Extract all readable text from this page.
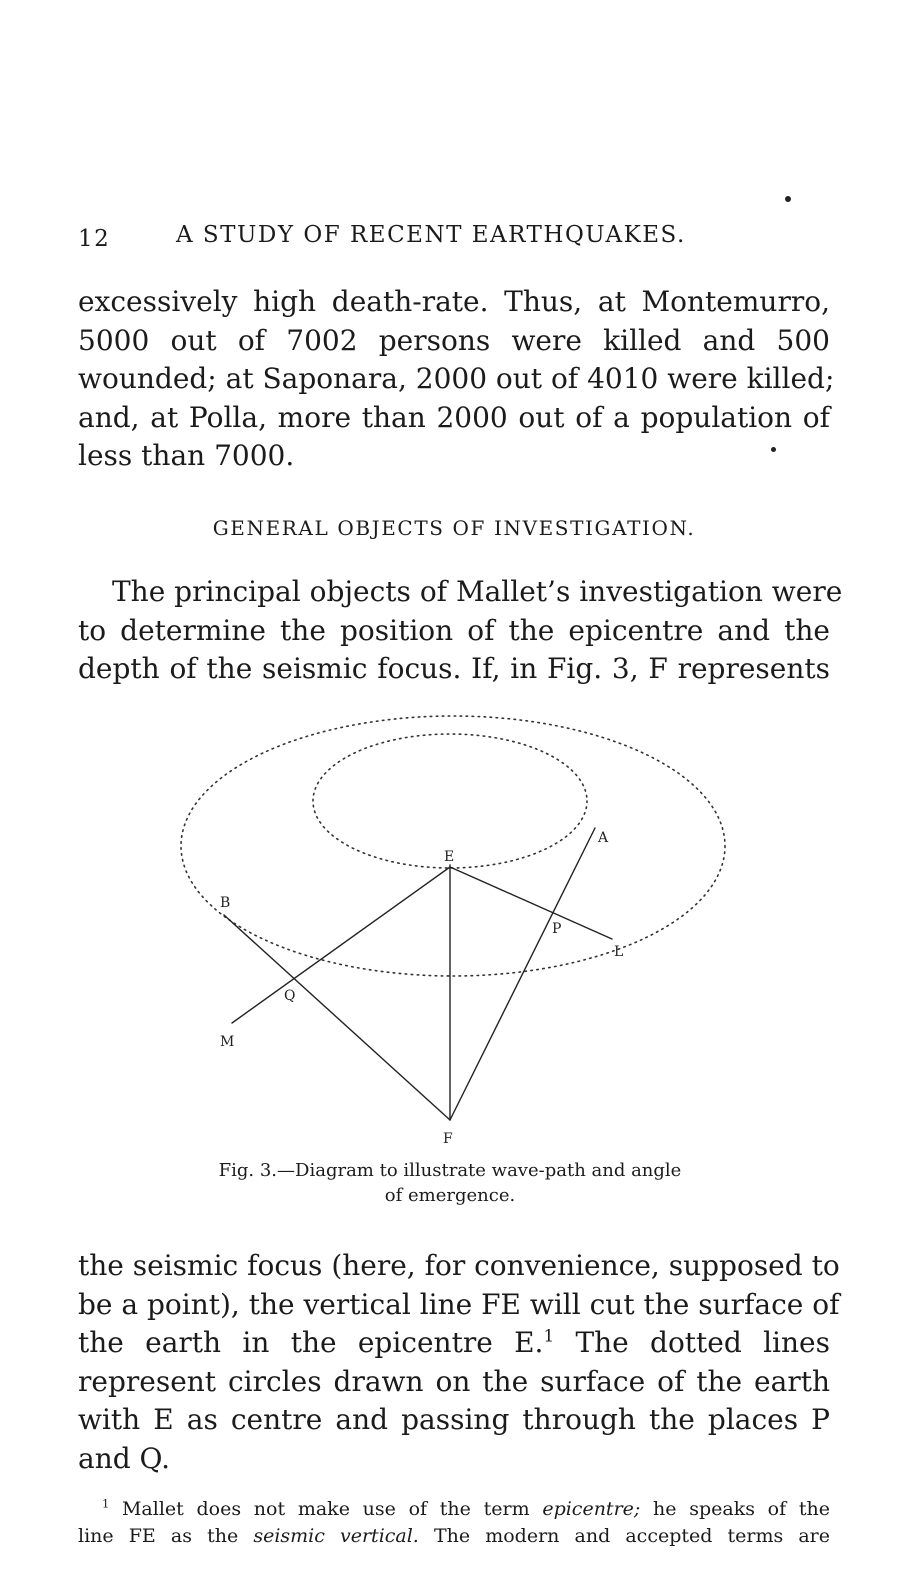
12	A STUDY OF RECENT EARTHQUAKES.
excessively high death-rate. Thus, at Montemurro,
5000 out of 7002 persons were killed and 500
wounded; at Saponara, 2000 out of 4010 were killed;
and, at Polla, more than 2000 out of a population of
less than 7000.
GENERAL OBJECTS OF INVESTIGATION.
The principal objects of Mallet’s investigation were
to determine the position of the epicentre and the
depth of the seismic focus. If, in Fig. 3, F represents
E
F
A
B
L
M
P
Q
Fig. 3.—Diagram to illustrate wave-path and angle
of emergence.
the seismic focus (here, for convenience, supposed to
be a point), the vertical line FE will cut the surface of
the earth in the epicentre E.$^1$ The dotted lines
represent circles drawn on the surface of the earth
with E as centre and passing through the places P
and Q.
$^1$ Mallet does not make use of the term epicentre; he speaks of the
line FE as the seismic vertical. The modern and accepted terms are
